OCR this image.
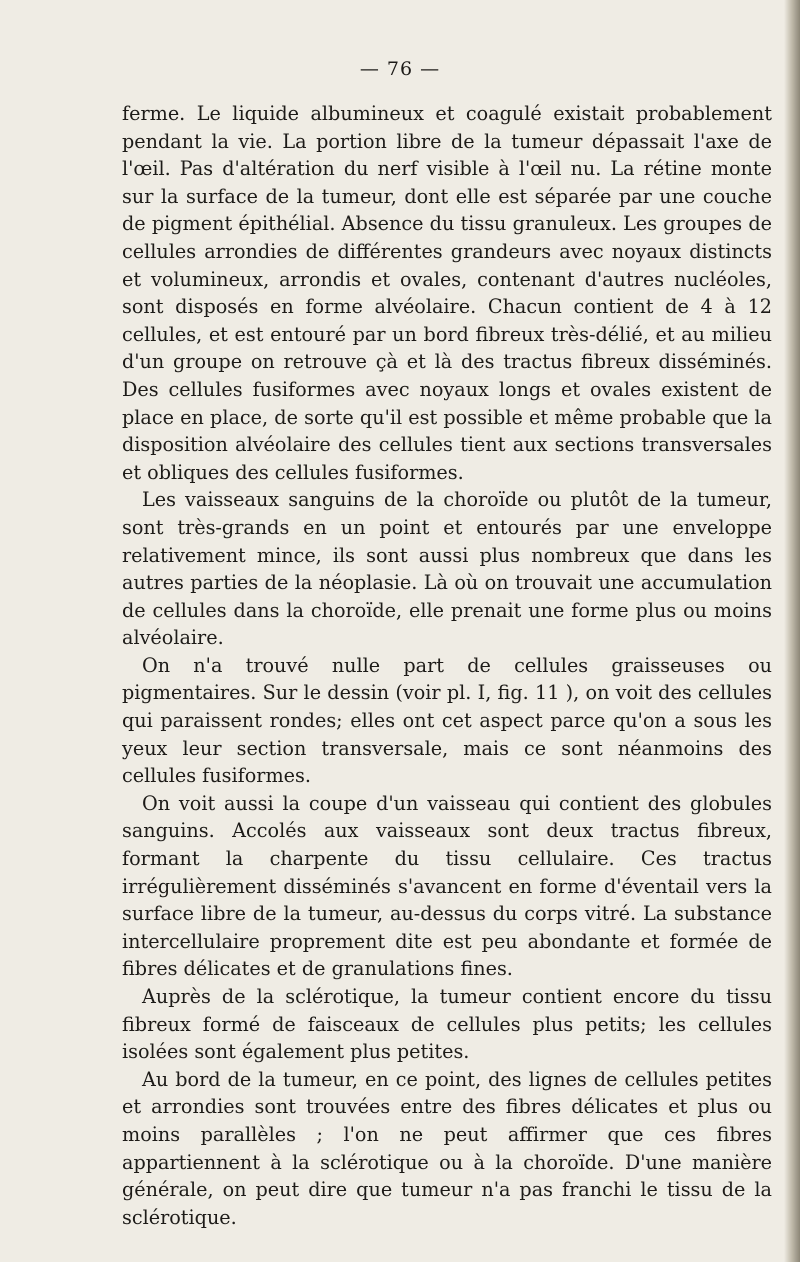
— 76 —

ferme. Le liquide albumineux et coagulé existait probablement pendant la vie. La portion libre de la tumeur dépassait l'axe de l'œil. Pas d'altération du nerf visible à l'œil nu. La rétine monte sur la surface de la tumeur, dont elle est séparée par une couche de pigment épithélial. Absence du tissu granuleux. Les groupes de cellules arrondies de différentes grandeurs avec noyaux distincts et volumineux, arrondis et ovales, contenant d'autres nucléoles, sont disposés en forme alvéolaire. Chacun contient de 4 à 12 cellules, et est entouré par un bord fibreux très-délié, et au milieu d'un groupe on retrouve çà et là des tractus fibreux disséminés. Des cellules fusiformes avec noyaux longs et ovales existent de place en place, de sorte qu'il est possible et même probable que la disposition alvéolaire des cellules tient aux sections transversales et obliques des cellules fusiformes.

Les vaisseaux sanguins de la choroïde ou plutôt de la tumeur, sont très-grands en un point et entourés par une enveloppe relativement mince, ils sont aussi plus nombreux que dans les autres parties de la néoplasie. Là où on trouvait une accumulation de cellules dans la choroïde, elle prenait une forme plus ou moins alvéolaire.

On n'a trouvé nulle part de cellules graisseuses ou pigmentaires. Sur le dessin (voir pl. I, fig. 11 ), on voit des cellules qui paraissent rondes; elles ont cet aspect parce qu'on a sous les yeux leur section transversale, mais ce sont néanmoins des cellules fusiformes.

On voit aussi la coupe d'un vaisseau qui contient des globules sanguins. Accolés aux vaisseaux sont deux tractus fibreux, formant la charpente du tissu cellulaire. Ces tractus irrégulièrement disséminés s'avancent en forme d'éventail vers la surface libre de la tumeur, au-dessus du corps vitré. La substance intercellulaire proprement dite est peu abondante et formée de fibres délicates et de granulations fines.

Auprès de la sclérotique, la tumeur contient encore du tissu fibreux formé de faisceaux de cellules plus petits; les cellules isolées sont également plus petites.

Au bord de la tumeur, en ce point, des lignes de cellules petites et arrondies sont trouvées entre des fibres délicates et plus ou moins parallèles ; l'on ne peut affirmer que ces fibres appartiennent à la sclérotique ou à la choroïde. D'une manière générale, on peut dire que tumeur n'a pas franchi le tissu de la sclérotique.
